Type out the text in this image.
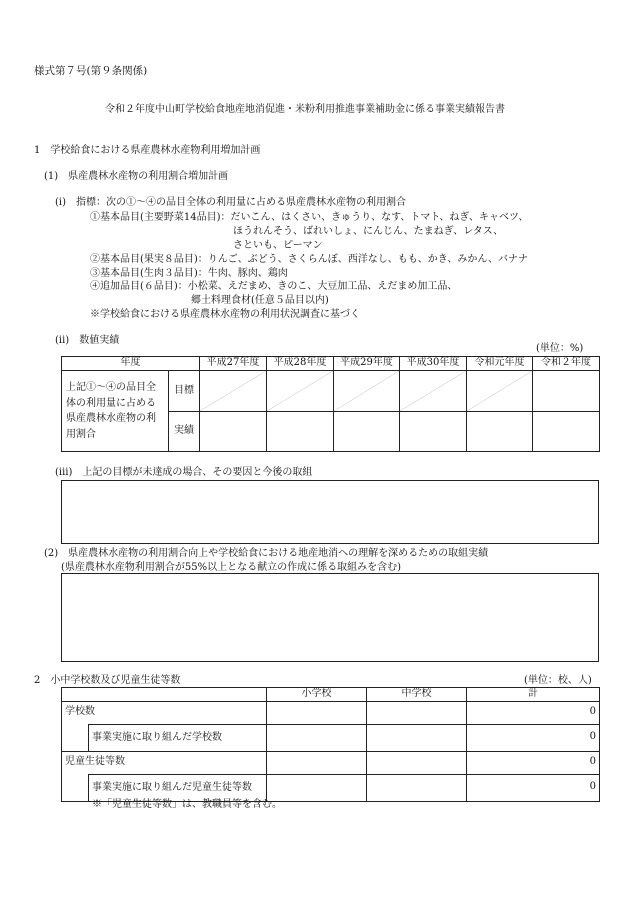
様式第７号(第９条関係)
令和２年度中山町学校給食地産地消促進・米粉利用推進事業補助金に係る事業実績報告書
1　学校給食における県産農林水産物利用増加計画
(1)　県産農林水産物の利用割合増加計画
(ⅰ)　指標：次の①～④の品目全体の利用量に占める県産農林水産物の利用割合
①基本品目(主要野菜14品目)：だいこん、はくさい、きゅうり、なす、トマト、ねぎ、キャベツ、
ほうれんそう、ばれいしょ、にんじん、たまねぎ、レタス、
さといも、ピーマン
②基本品目(果実８品目)：りんご、ぶどう、さくらんぼ、西洋なし、もも、かき、みかん、バナナ
③基本品目(生肉３品目)：牛肉、豚肉、鶏肉
④追加品目(６品目)：小松菜、えだまめ、きのこ、大豆加工品、えだまめ加工品、
郷土料理食材(任意５品目以内)
※学校給食における県産農林水産物の利用状況調査に基づく
(ⅱ)　数値実績
(単位：%)
年度		平成27年度	平成28年度	平成29年度	平成30年度	令和元年度	令和２年度
上記①～④の品目全体の利用量に占める県産農林水産物の利用割合	目標	

	実績						
(ⅲ)　上記の目標が未達成の場合、その要因と今後の取組
(2)　県産農林水産物の利用割合向上や学校給食における地産地消への理解を深めるための取組実績
(県産農林水産物利用割合が55%以上となる献立の作成に係る取組みを含む)
2　小中学校数及び児童生徒等数	(単位：校、人)
		小学校	中学校	計
学校数				0
	事業実施に取り組んだ学校数			0
児童生徒等数				0
	事業実施に取り組んだ児童生徒等数			0
※「児童生徒等数」は、教職員等を含む。
